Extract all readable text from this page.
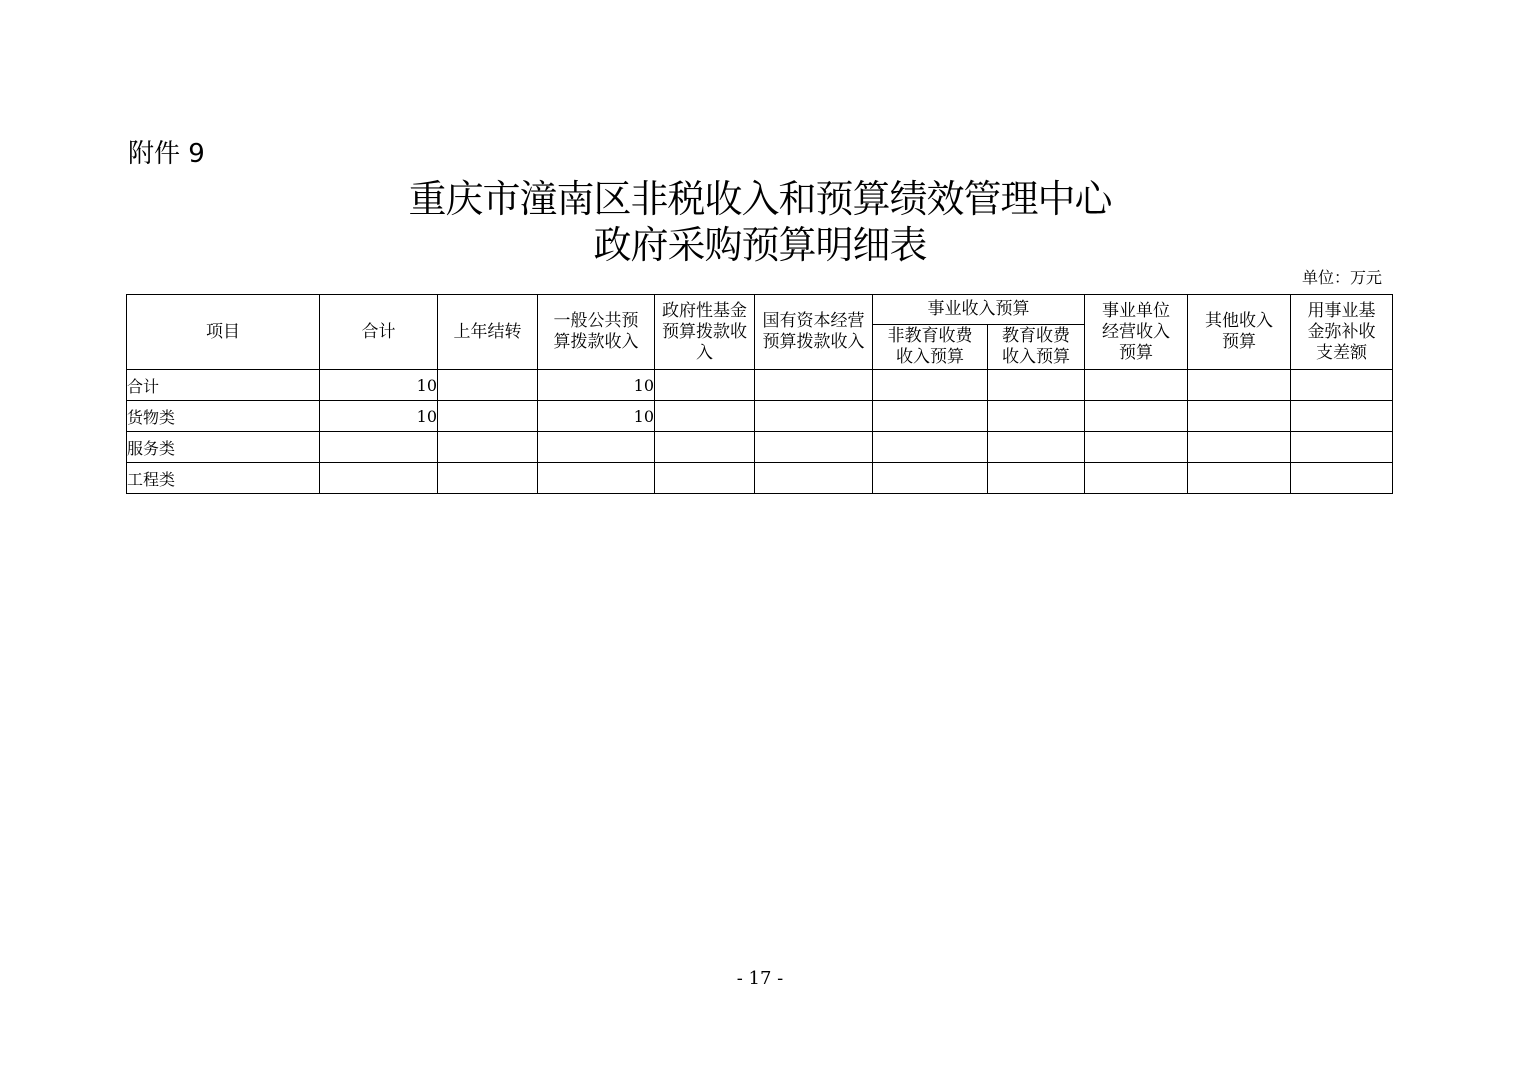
附件 9
重庆市潼南区非税收入和预算绩效管理中心
政府采购预算明细表
单位：万元
项目	合计	上年结转	一般公共预算拨款收入	政府性基金预算拨款收入	国有资本经营预算拨款收入	事业收入预算		事业单位经营收入预算	其他收入预算	用事业基金弥补收支差额

						非教育收费收入预算	教育收费收入预算			

合计	10		10							
货物类	10		10							
服务类										
工程类										
- 17 -
